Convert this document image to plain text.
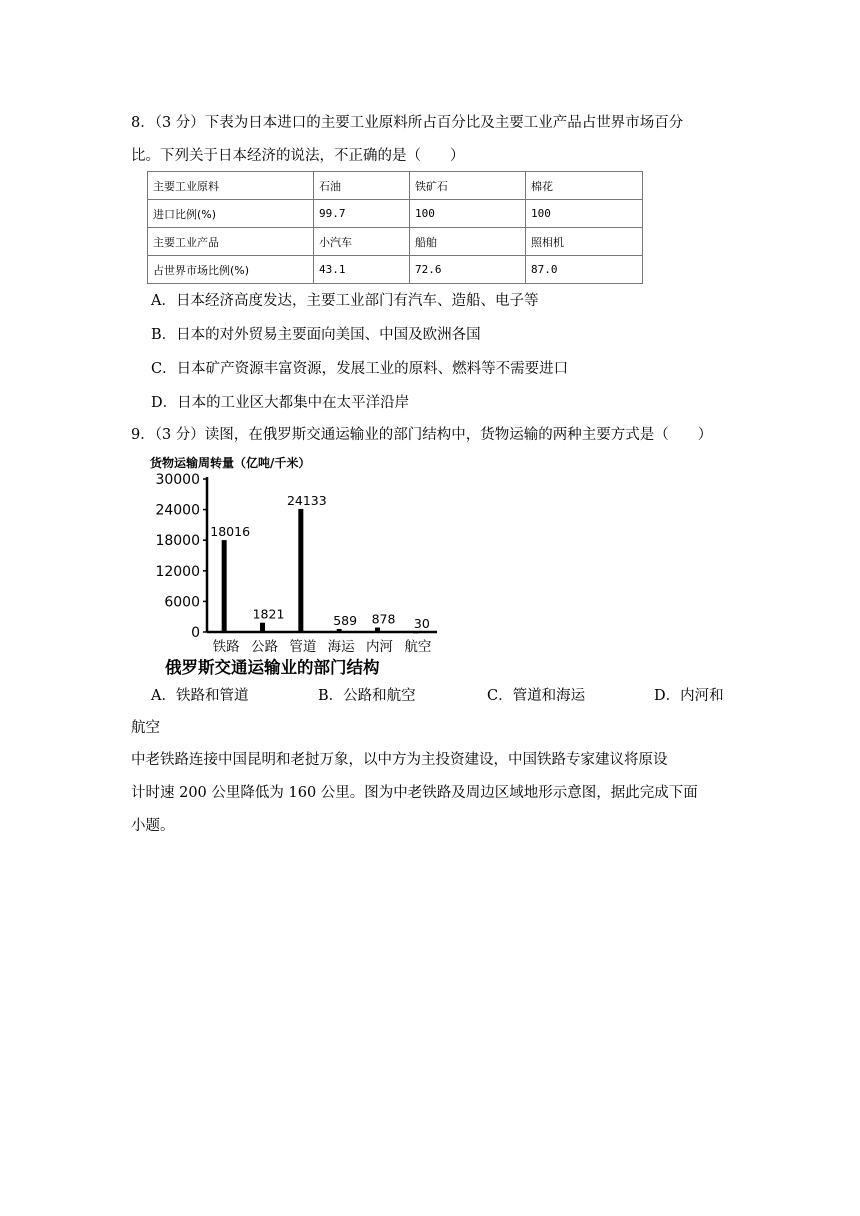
8．（3 分）下表为日本进口的主要工业原料所占百分比及主要工业产品占世界市场百分
比。下列关于日本经济的说法，不正确的是（　　）
主要工业原料	石油	铁矿石	棉花
进口比例(%)	99.7	100	100
主要工业产品	小汽车	船舶	照相机
占世界市场比例(%)	43.1	72.6	87.0
A．日本经济高度发达，主要工业部门有汽车、造船、电子等
B．日本的对外贸易主要面向美国、中国及欧洲各国
C．日本矿产资源丰富资源，发展工业的原料、燃料等不需要进口
D．日本的工业区大都集中在太平洋沿岸
9．（3 分）读图，在俄罗斯交通运输业的部门结构中，货物运输的两种主要方式是（　　）
货物运输周转量（亿吨/千米）
0
6000
12000
18000
24000
30000
18016
1821
24133
589 878 30
铁路 公路 管道 海运 内河 航空
俄罗斯交通运输业的部门结构
A．铁路和管道	B．公路和航空	C．管道和海运	D．内河和
航空
中老铁路连接中国昆明和老挝万象，以中方为主投资建设，中国铁路专家建议将原设
计时速 200 公里降低为 160 公里。图为中老铁路及周边区域地形示意图，据此完成下面
小题。
